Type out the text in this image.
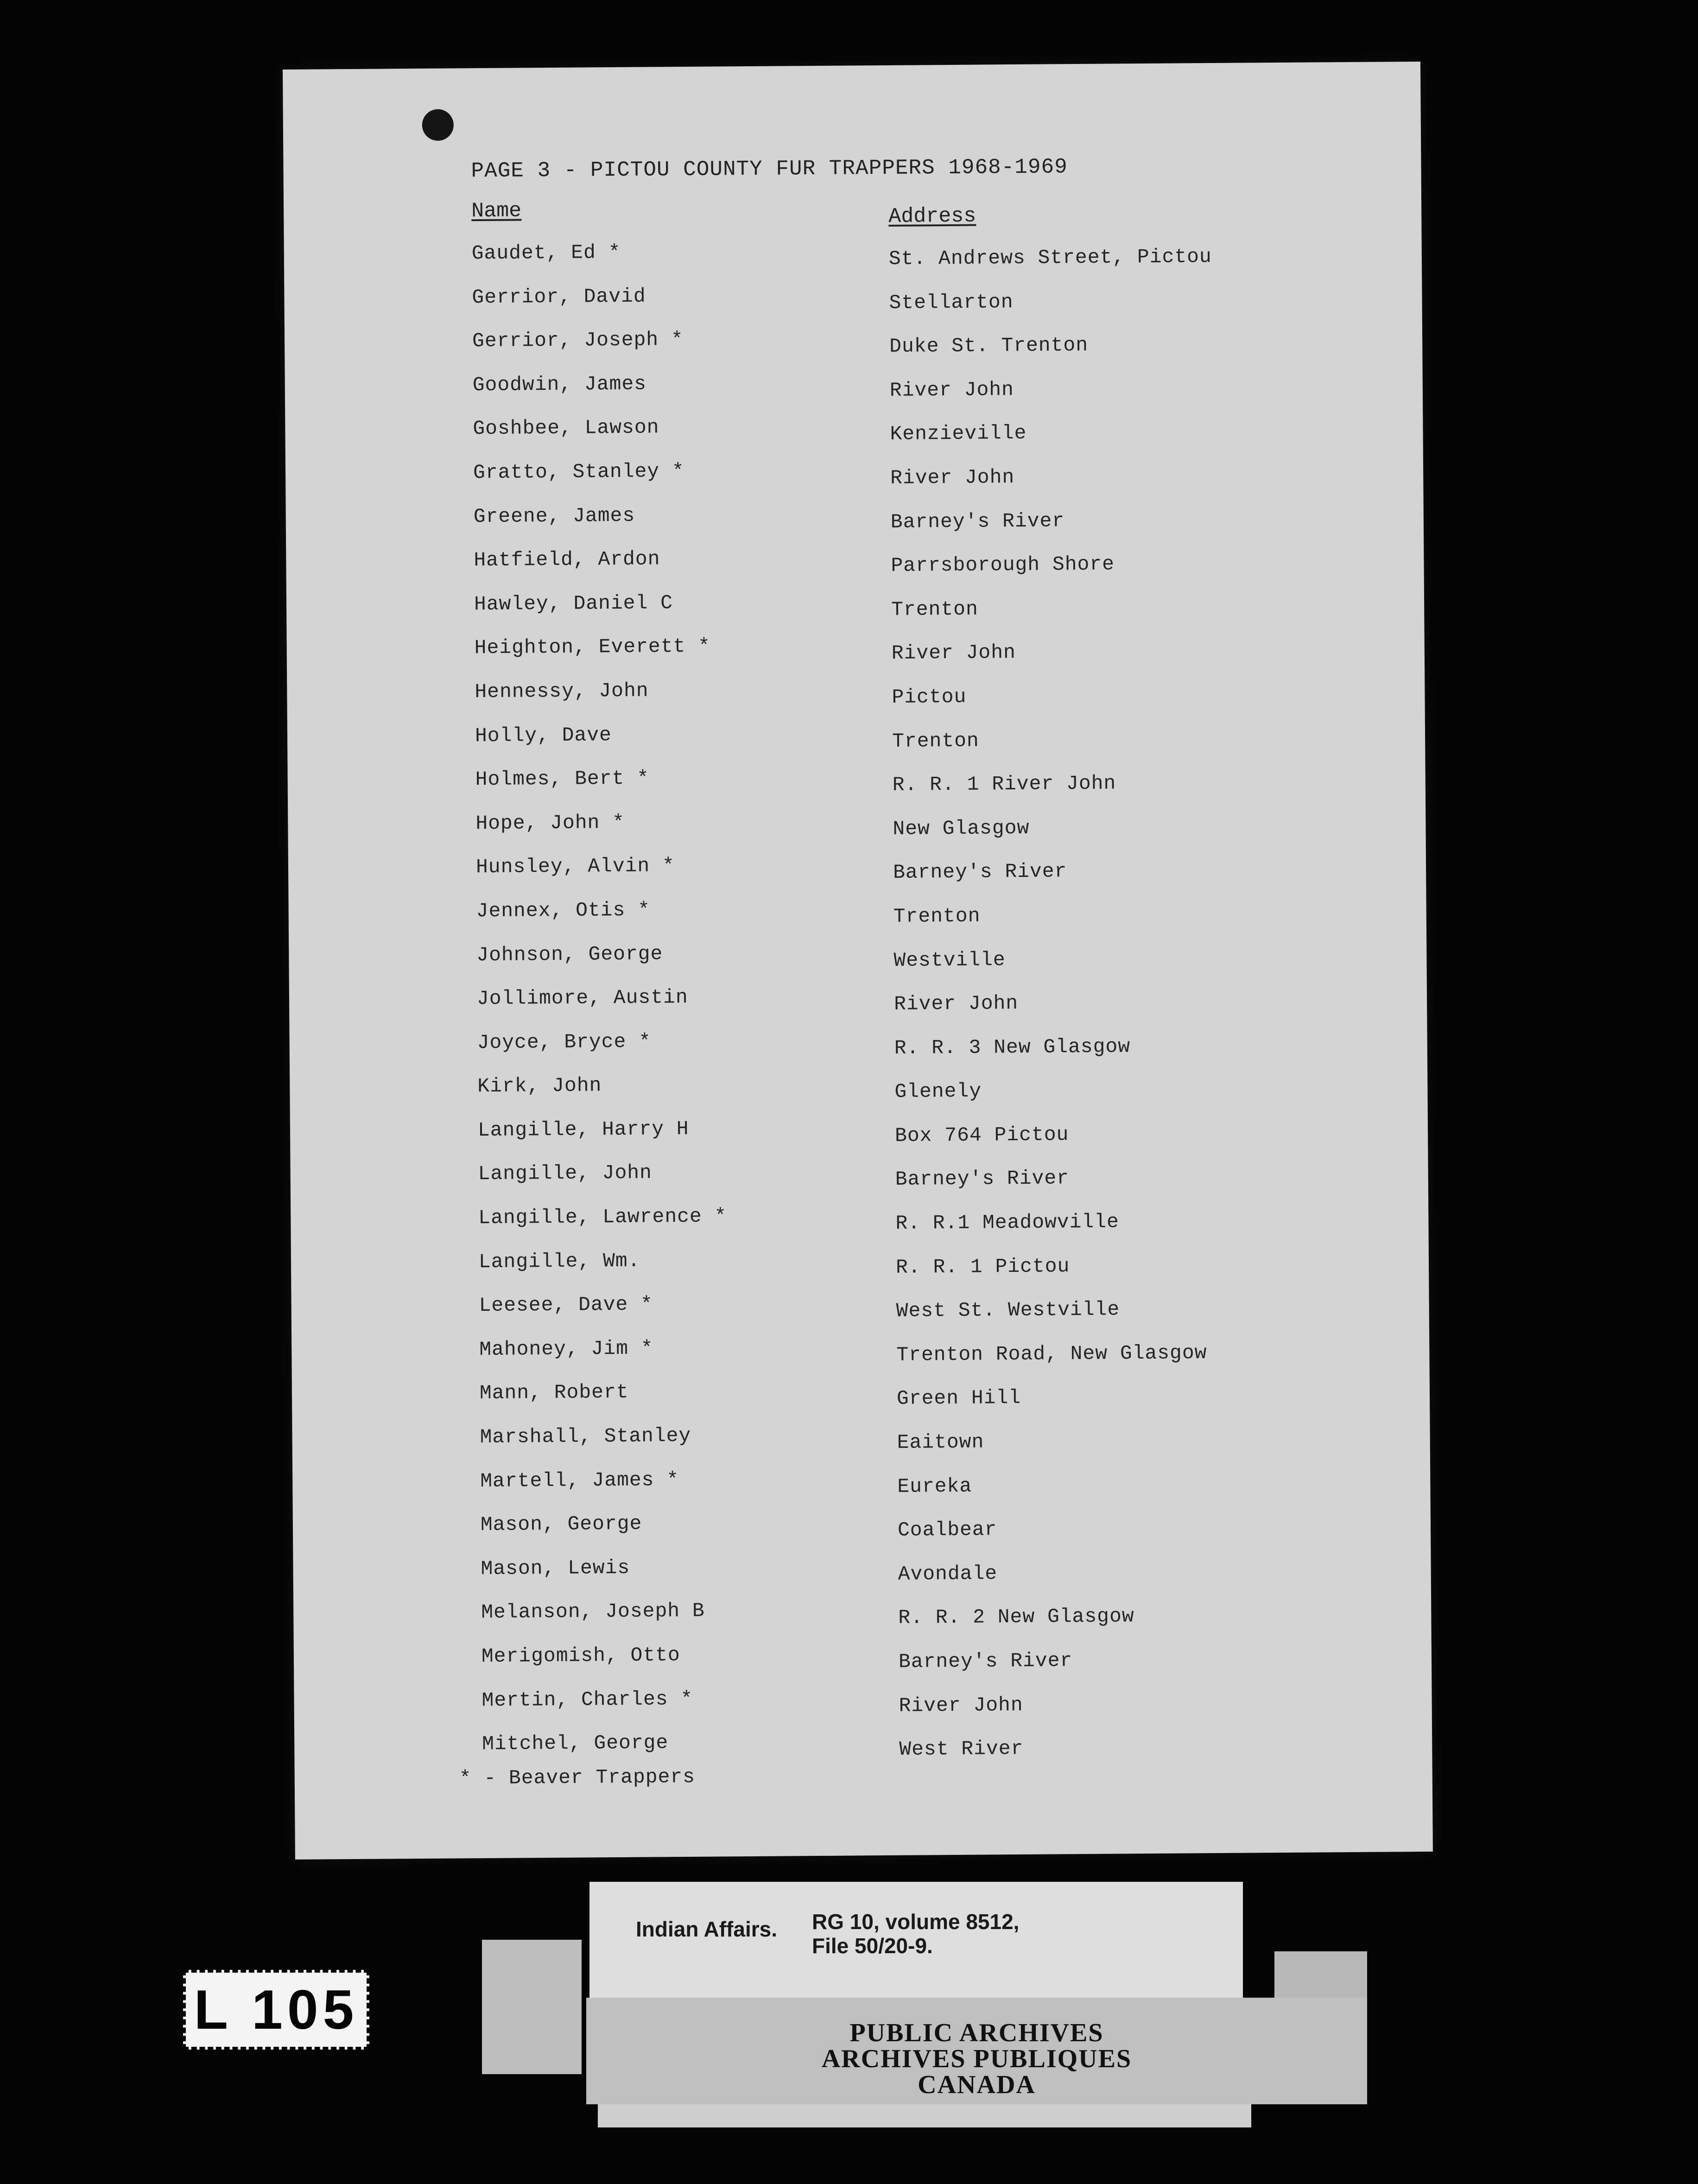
PAGE 3 - PICTOU COUNTY FUR TRAPPERS 1968-1969
Name	Address
Gaudet, Ed *	St. Andrews Street, Pictou
Gerrior, David	Stellarton
Gerrior, Joseph *	Duke St. Trenton
Goodwin, James	River John
Goshbee, Lawson	Kenzieville
Gratto, Stanley *	River John
Greene, James	Barney's River
Hatfield, Ardon	Parrsborough Shore
Hawley, Daniel C	Trenton
Heighton, Everett *	River John
Hennessy, John	Pictou
Holly, Dave	Trenton
Holmes, Bert *	R. R. 1 River John
Hope, John *	New Glasgow
Hunsley, Alvin *	Barney's River
Jennex, Otis *	Trenton
Johnson, George	Westville
Jollimore, Austin	River John
Joyce, Bryce *	R. R. 3 New Glasgow
Kirk, John	Glenely
Langille, Harry H	Box 764 Pictou
Langille, John	Barney's River
Langille, Lawrence *	R. R.1 Meadowville
Langille, Wm.	R. R. 1 Pictou
Leesee, Dave *	West St. Westville
Mahoney, Jim *	Trenton Road, New Glasgow
Mann, Robert	Green Hill
Marshall, Stanley	Eaitown
Martell, James *	Eureka
Mason, George	Coalbear
Mason, Lewis	Avondale
Melanson, Joseph B	R. R. 2 New Glasgow
Merigomish, Otto	Barney's River
Mertin, Charles *	River John
Mitchel, George	West River
* - Beaver Trappers
Indian Affairs. RG 10, volume 8512,
File 50/20-9.
PUBLIC ARCHIVES
ARCHIVES PUBLIQUES
CANADA
L 105
